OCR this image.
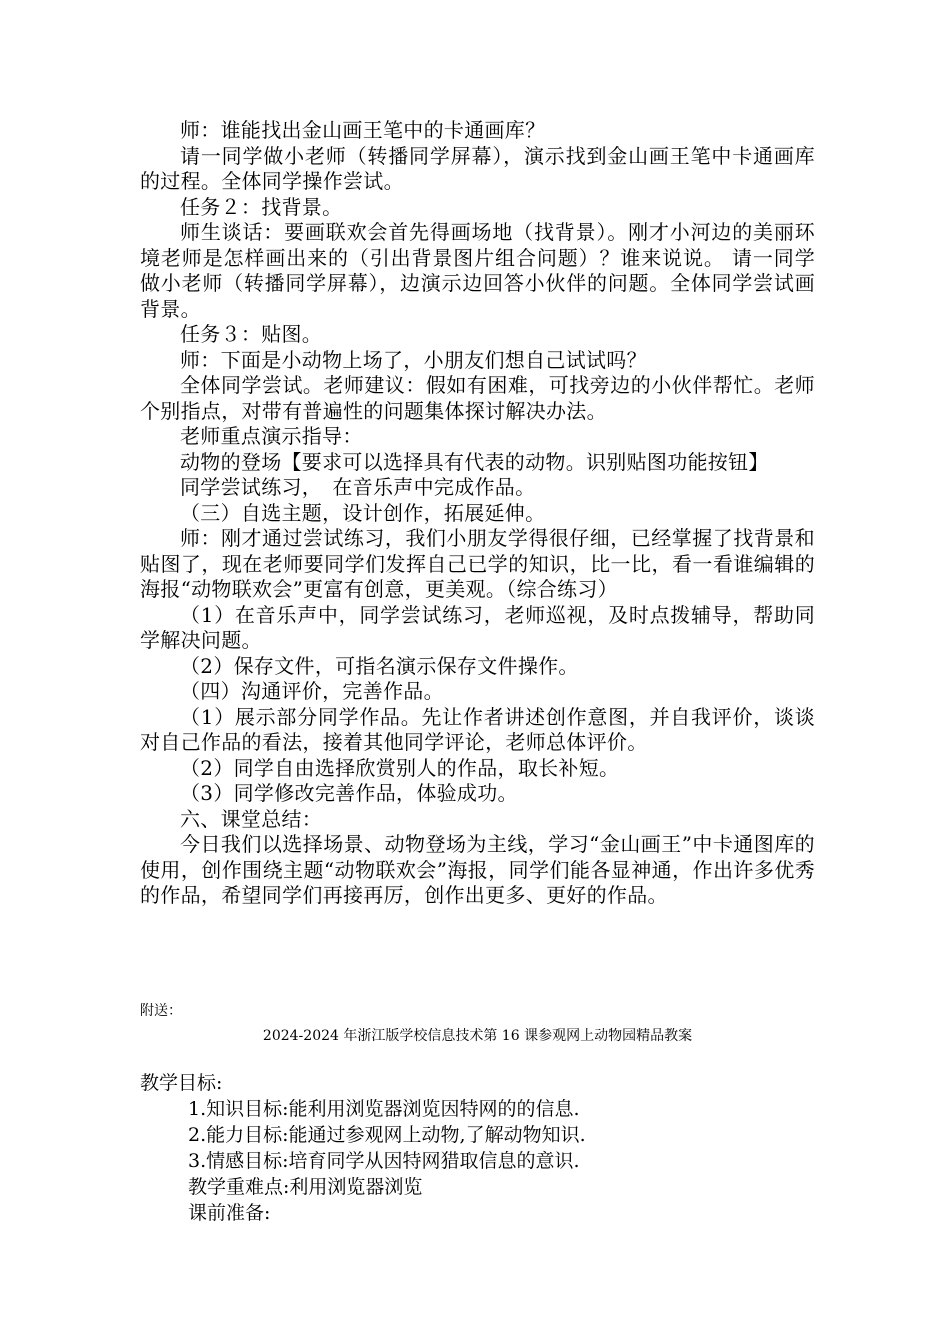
师：谁能找出金山画王笔中的卡通画库？

请一同学做小老师（转播同学屏幕），演示找到金山画王笔中卡通画库的过程。全体同学操作尝试。

任务２：找背景。

师生谈话：要画联欢会首先得画场地（找背景）。刚才小河边的美丽环境老师是怎样画出来的（引出背景图片组合问题）？谁来说说。 请一同学做小老师（转播同学屏幕），边演示边回答小伙伴的问题。全体同学尝试画背景。

任务３：贴图。

师：下面是小动物上场了，小朋友们想自己试试吗？

全体同学尝试。老师建议：假如有困难，可找旁边的小伙伴帮忙。老师个别指点，对带有普遍性的问题集体探讨解决办法。

老师重点演示指导：

动物的登场【要求可以选择具有代表的动物。识别贴图功能按钮】

同学尝试练习，　在音乐声中完成作品。

（三）自选主题，设计创作，拓展延伸。

师：刚才通过尝试练习，我们小朋友学得很仔细，已经掌握了找背景和贴图了，现在老师要同学们发挥自己已学的知识，比一比，看一看谁编辑的海报“动物联欢会”更富有创意，更美观。（综合练习）

（1）在音乐声中，同学尝试练习，老师巡视，及时点拨辅导，帮助同学解决问题。

（2）保存文件，可指名演示保存文件操作。

（四）沟通评价，完善作品。

（1）展示部分同学作品。先让作者讲述创作意图，并自我评价，谈谈对自己作品的看法，接着其他同学评论，老师总体评价。

（2）同学自由选择欣赏别人的作品，取长补短。

（3）同学修改完善作品，体验成功。

六、课堂总结：

今日我们以选择场景、动物登场为主线，学习“金山画王”中卡通图库的使用，创作围绕主题“动物联欢会”海报，同学们能各显神通，作出许多优秀的作品，希望同学们再接再厉，创作出更多、更好的作品。

附送：
2024-2024 年浙江版学校信息技术第 16 课参观网上动物园精品教案

教学目标:

1.知识目标:能利用浏览器浏览因特网的的信息.

2.能力目标:能通过参观网上动物,了解动物知识.

3.情感目标:培育同学从因特网猎取信息的意识.

教学重难点:利用浏览器浏览

课前准备:
